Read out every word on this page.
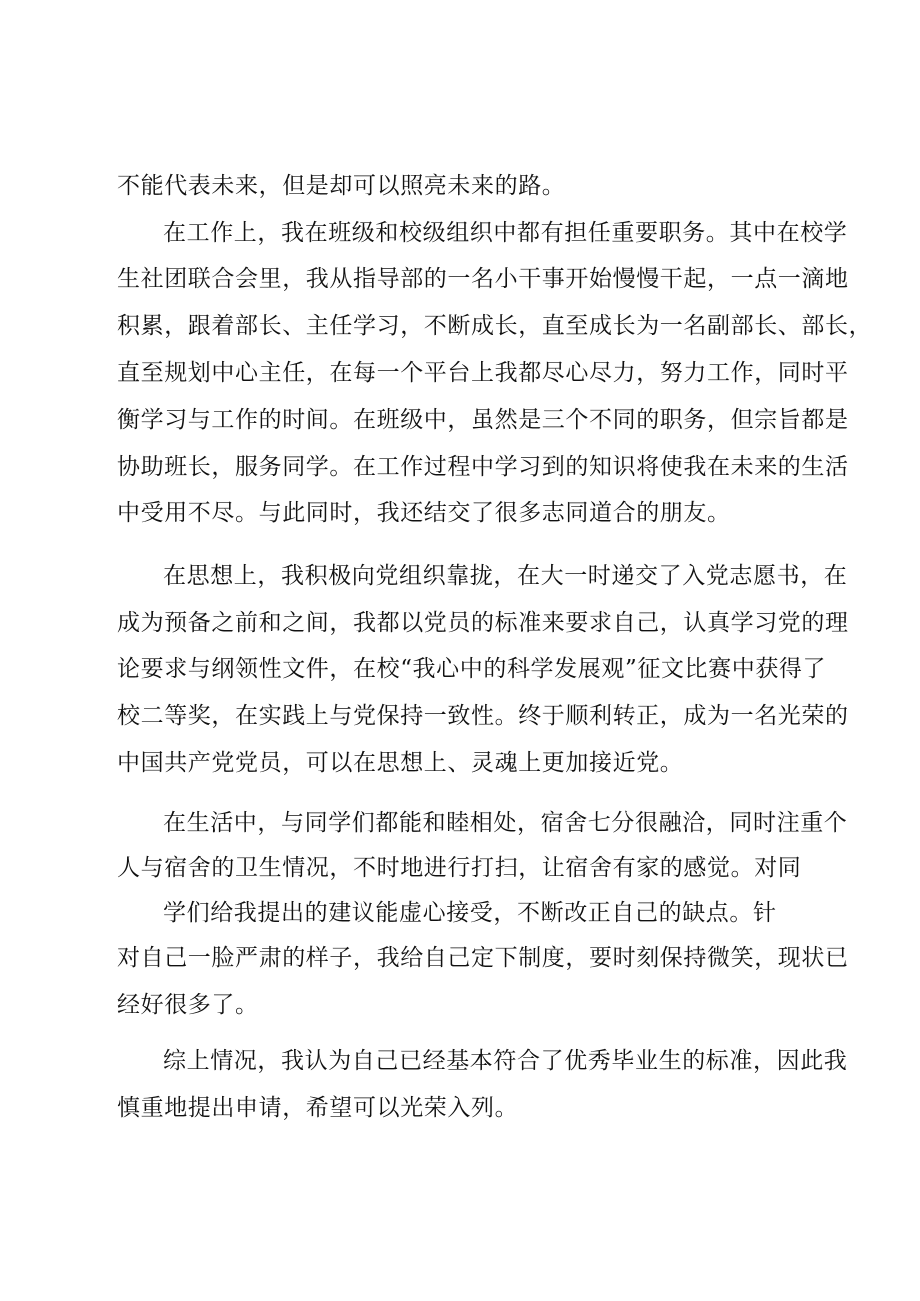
不能代表未来，但是却可以照亮未来的路。
在工作上，我在班级和校级组织中都有担任重要职务。其中在校学
生社团联合会里，我从指导部的一名小干事开始慢慢干起，一点一滴地
积累，跟着部长、主任学习，不断成长，直至成长为一名副部长、部长，
直至规划中心主任，在每一个平台上我都尽心尽力，努力工作，同时平
衡学习与工作的时间。在班级中，虽然是三个不同的职务，但宗旨都是
协助班长，服务同学。在工作过程中学习到的知识将使我在未来的生活
中受用不尽。与此同时，我还结交了很多志同道合的朋友。
在思想上，我积极向党组织靠拢，在大一时递交了入党志愿书，在
成为预备之前和之间，我都以党员的标准来要求自己，认真学习党的理
论要求与纲领性文件，在校“我心中的科学发展观”征文比赛中获得了
校二等奖，在实践上与党保持一致性。终于顺利转正，成为一名光荣的
中国共产党党员，可以在思想上、灵魂上更加接近党。
在生活中，与同学们都能和睦相处，宿舍七分很融洽，同时注重个
人与宿舍的卫生情况，不时地进行打扫，让宿舍有家的感觉。对同
学们给我提出的建议能虚心接受，不断改正自己的缺点。针
对自己一脸严肃的样子，我给自己定下制度，要时刻保持微笑，现状已
经好很多了。
综上情况，我认为自己已经基本符合了优秀毕业生的标准，因此我
慎重地提出申请，希望可以光荣入列。
